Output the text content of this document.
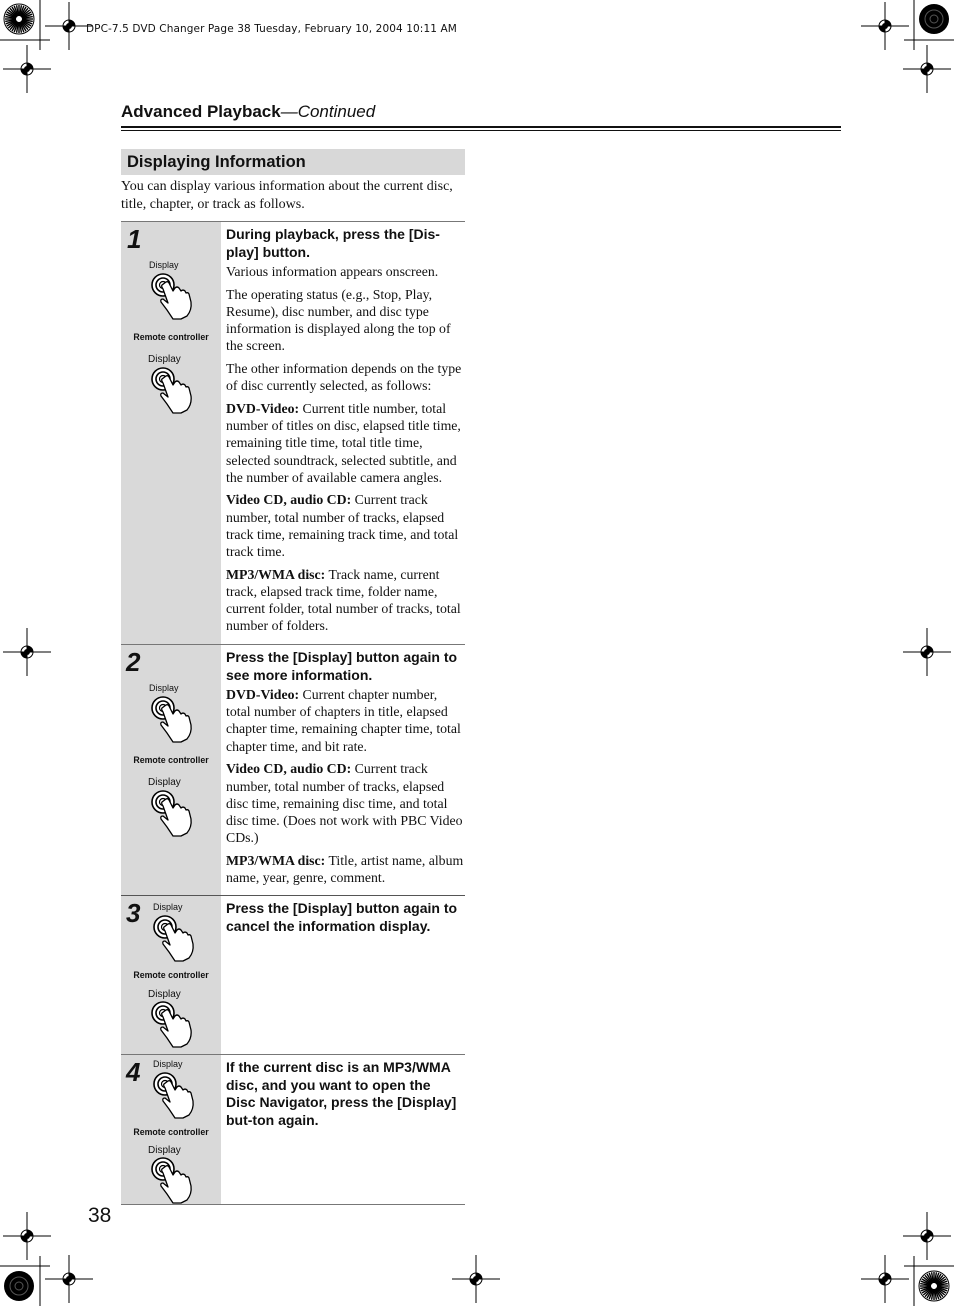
DPC-7.5 DVD Changer Page 38 Tuesday, February 10, 2004 10:11 AM
Advanced Playback—Continued
Displaying Information
You can display various information about the current disc, title, chapter, or track as follows.
1
Display
Remote controller
Display

During playback, press the [Dis-play] button.

Various information appears onscreen.

The operating status (e.g., Stop, Play, Resume), disc number, and disc type information is displayed along the top of the screen.

The other information depends on the type of disc currently selected, as follows:

DVD-Video: Current title number, total number of titles on disc, elapsed title time, remaining title time, total title time, selected soundtrack, selected subtitle, and the number of available camera angles.

Video CD, audio CD: Current track number, total number of tracks, elapsed track time, remaining track time, and total track time.

MP3/WMA disc: Track name, current track, elapsed track time, folder name, current folder, total number of tracks, total number of folders.

2
Display
Remote controller
Display

Press the [Display] button again to see more information.

DVD-Video: Current chapter number, total number of chapters in title, elapsed chapter time, remaining chapter time, total chapter time, and bit rate.

Video CD, audio CD: Current track number, total number of tracks, elapsed disc time, remaining disc time, and total disc time. (Does not work with PBC Video CDs.)

MP3/WMA disc: Title, artist name, album name, year, genre, comment.

3 Display
Remote controller
Display

Press the [Display] button again to cancel the information display.

4 Display
Remote controller
Display

If the current disc is an MP3/WMA disc, and you want to open the Disc Navigator, press the [Display] but-ton again.

38
